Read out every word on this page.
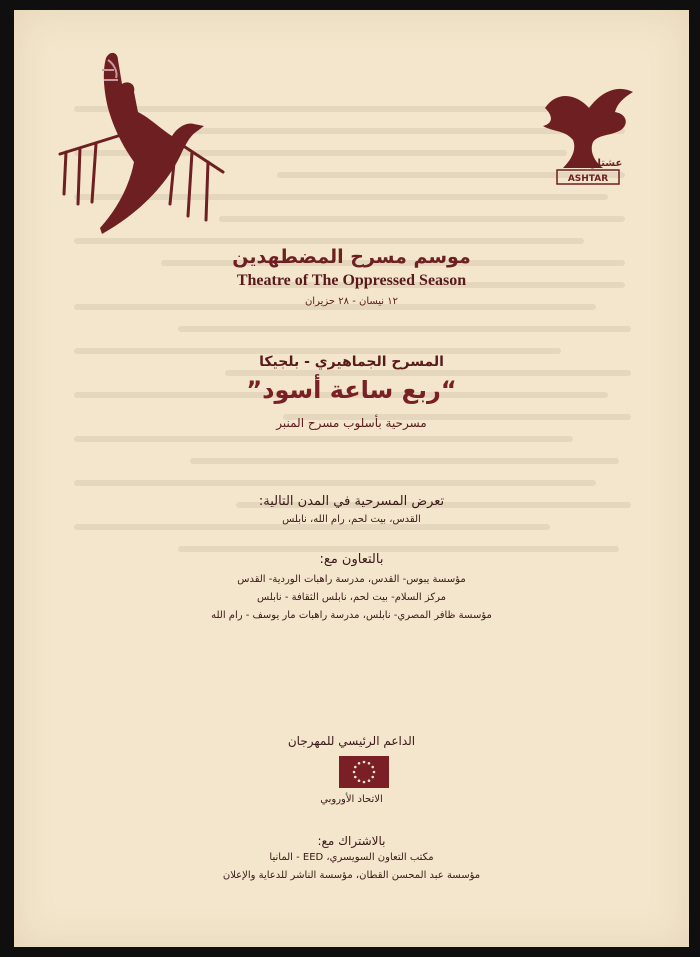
ASHTAR
عشتار
موسم مسرح المضطهدين
Theatre of The Oppressed Season
١٢ نيسان - ٢٨ حزيران
المسرح الجماهيري - بلجيكا
“ربع ساعة أسود”
مسرحية بأسلوب مسرح المنبر
تعرض المسرحية في المدن التالية:
القدس، بيت لحم، رام الله، نابلس
بالتعاون مع:
مؤسسة يبوس- القدس، مدرسة راهبات الوردية- القدس
مركز السلام- بيت لحم، نابلس الثقافة - نابلس
مؤسسة ظافر المصري- نابلس، مدرسة راهبات مار يوسف - رام الله
الداعم الرئيسي للمهرجان
الاتحاد الأوروبي
بالاشتراك مع:
مكتب التعاون السويسري، EED - المانيا
مؤسسة عبد المحسن القطان، مؤسسة الناشر للدعاية والإعلان
